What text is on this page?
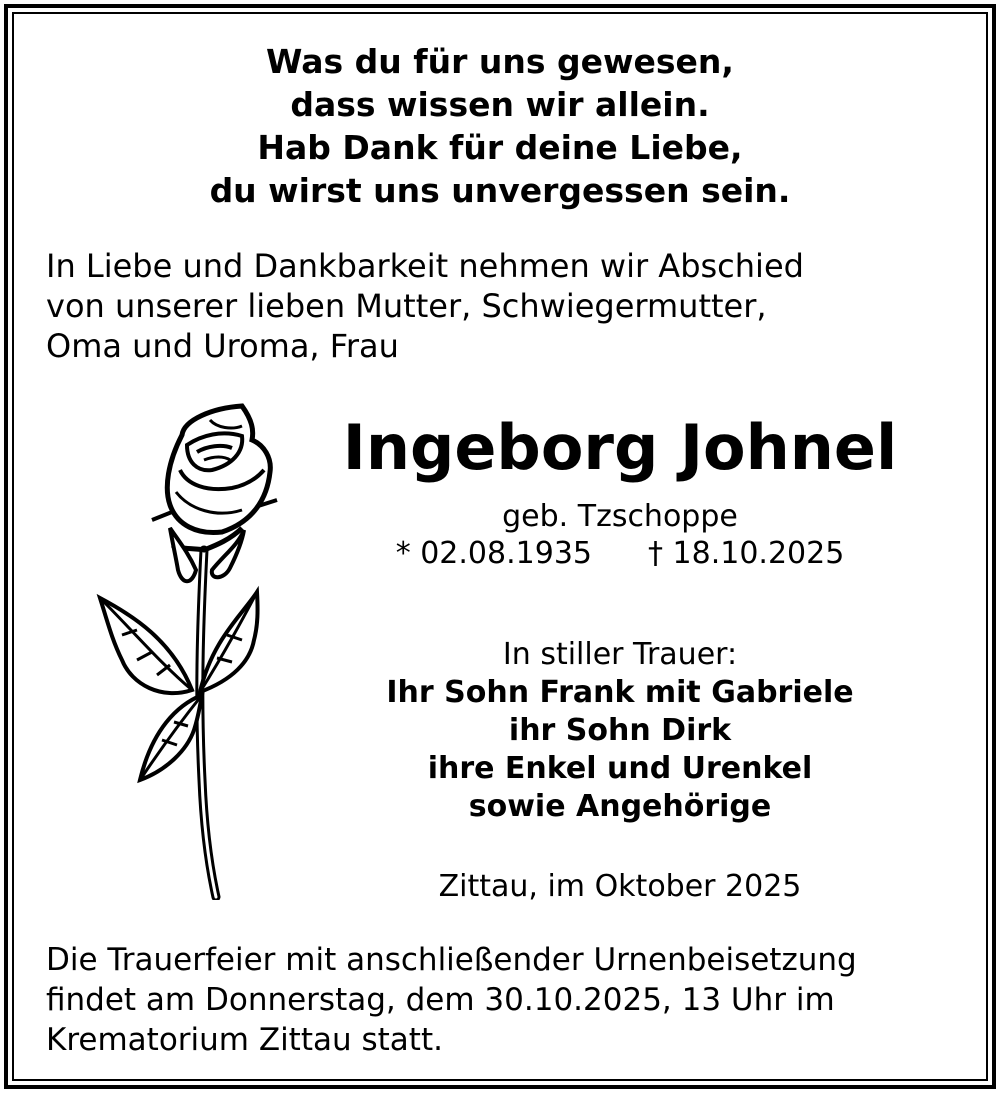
Was du für uns gewesen,
dass wissen wir allein.
Hab Dank für deine Liebe,
du wirst uns unvergessen sein.
In Liebe und Dankbarkeit nehmen wir Abschied
von unserer lieben Mutter, Schwiegermutter,
Oma und Uroma, Frau
Ingeborg Johnel
geb. Tzschoppe
* 02.08.1935 † 18.10.2025
In stiller Trauer:
Ihr Sohn Frank mit Gabriele
ihr Sohn Dirk
ihre Enkel und Urenkel
sowie Angehörige
Zittau, im Oktober 2025
Die Trauerfeier mit anschließender Urnenbeisetzung
findet am Donnerstag, dem 30.10.2025, 13 Uhr im
Krematorium Zittau statt.
